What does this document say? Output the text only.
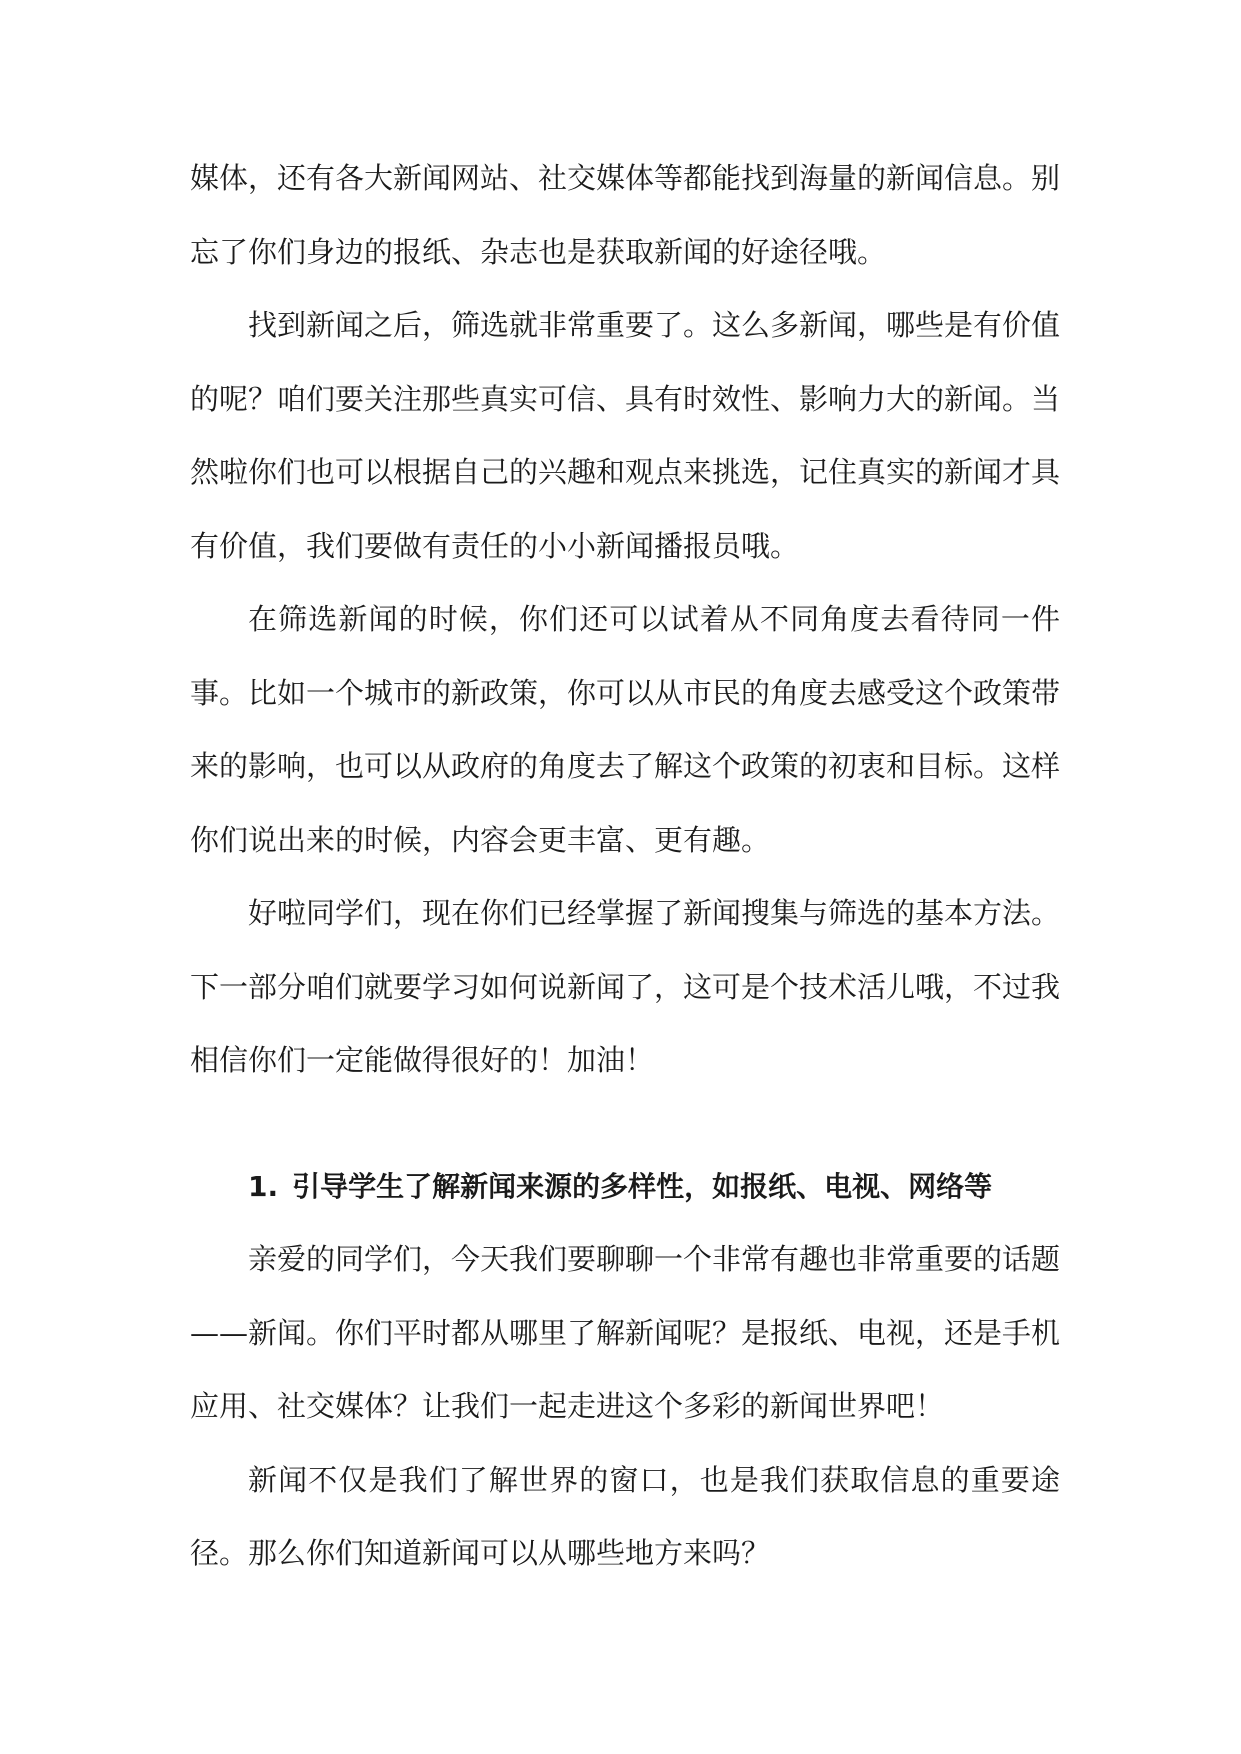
媒体，还有各大新闻网站、社交媒体等都能找到海量的新闻信息。别忘了你们身边的报纸、杂志也是获取新闻的好途径哦。

找到新闻之后，筛选就非常重要了。这么多新闻，哪些是有价值的呢？咱们要关注那些真实可信、具有时效性、影响力大的新闻。当然啦你们也可以根据自己的兴趣和观点来挑选，记住真实的新闻才具有价值，我们要做有责任的小小新闻播报员哦。

在筛选新闻的时候，你们还可以试着从不同角度去看待同一件事。比如一个城市的新政策，你可以从市民的角度去感受这个政策带来的影响，也可以从政府的角度去了解这个政策的初衷和目标。这样你们说出来的时候，内容会更丰富、更有趣。

好啦同学们，现在你们已经掌握了新闻搜集与筛选的基本方法。下一部分咱们就要学习如何说新闻了，这可是个技术活儿哦，不过我相信你们一定能做得很好的！加油！

1. 引导学生了解新闻来源的多样性，如报纸、电视、网络等

亲爱的同学们，今天我们要聊聊一个非常有趣也非常重要的话题——新闻。你们平时都从哪里了解新闻呢？是报纸、电视，还是手机应用、社交媒体？让我们一起走进这个多彩的新闻世界吧！

新闻不仅是我们了解世界的窗口，也是我们获取信息的重要途径。那么你们知道新闻可以从哪些地方来吗？
